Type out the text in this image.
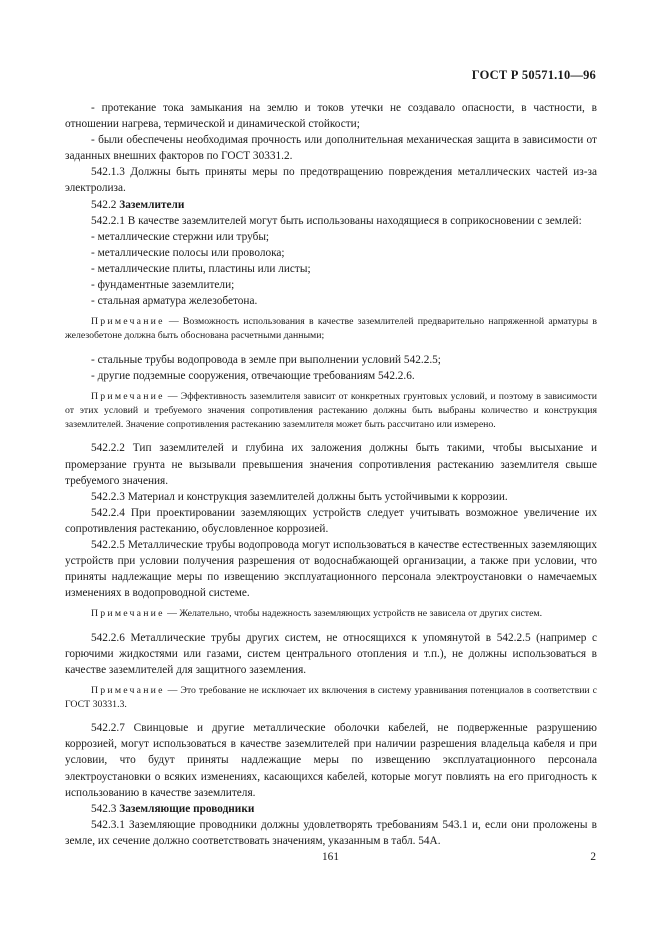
ГОСТ Р 50571.10—96

- протекание тока замыкания на землю и токов утечки не создавало опасности, в частности, в отношении нагрева, термической и динамической стойкости;

- были обеспечены необходимая прочность или дополнительная механическая защита в зависимости от заданных внешних факторов по ГОСТ 30331.2.

542.1.3 Должны быть приняты меры по предотвращению повреждения металлических частей из-за электролиза.

542.2 Заземлители

542.2.1 В качестве заземлителей могут быть использованы находящиеся в соприкосновении с землей:

- металлические стержни или трубы;

- металлические полосы или проволока;

- металлические плиты, пластины или листы;

- фундаментные заземлители;

- стальная арматура железобетона.

Примечание — Возможность использования в качестве заземлителей предварительно напряженной арматуры в железобетоне должна быть обоснована расчетными данными;

- стальные трубы водопровода в земле при выполнении условий 542.2.5;

- другие подземные сооружения, отвечающие требованиям 542.2.6.

Примечание — Эффективность заземлителя зависит от конкретных грунтовых условий, и поэтому в зависимости от этих условий и требуемого значения сопротивления растеканию должны быть выбраны количество и конструкция заземлителей. Значение сопротивления растеканию заземлителя может быть рассчитано или измерено.

542.2.2 Тип заземлителей и глубина их заложения должны быть такими, чтобы высыхание и промерзание грунта не вызывали превышения значения сопротивления растеканию заземлителя свыше требуемого значения.

542.2.3 Материал и конструкция заземлителей должны быть устойчивыми к коррозии.

542.2.4 При проектировании заземляющих устройств следует учитывать возможное увеличение их сопротивления растеканию, обусловленное коррозией.

542.2.5 Металлические трубы водопровода могут использоваться в качестве естественных заземляющих устройств при условии получения разрешения от водоснабжающей организации, а также при условии, что приняты надлежащие меры по извещению эксплуатационного персонала электроустановки о намечаемых изменениях в водопроводной системе.

Примечание — Желательно, чтобы надежность заземляющих устройств не зависела от других систем.

542.2.6 Металлические трубы других систем, не относящихся к упомянутой в 542.2.5 (например с горючими жидкостями или газами, систем центрального отопления и т.п.), не должны использоваться в качестве заземлителей для защитного заземления.

Примечание — Это требование не исключает их включения в систему уравнивания потенциалов в соответствии с ГОСТ 30331.3.

542.2.7 Свинцовые и другие металлические оболочки кабелей, не подверженные разрушению коррозией, могут использоваться в качестве заземлителей при наличии разрешения владельца кабеля и при условии, что будут приняты надлежащие меры по извещению эксплуатационного персонала электроустановки о всяких изменениях, касающихся кабелей, которые могут повлиять на его пригодность к использованию в качестве заземлителя.

542.3 Заземляющие проводники

542.3.1 Заземляющие проводники должны удовлетворять требованиям 543.1 и, если они проложены в земле, их сечение должно соответствовать значениям, указанным в табл. 54А.

161	2
